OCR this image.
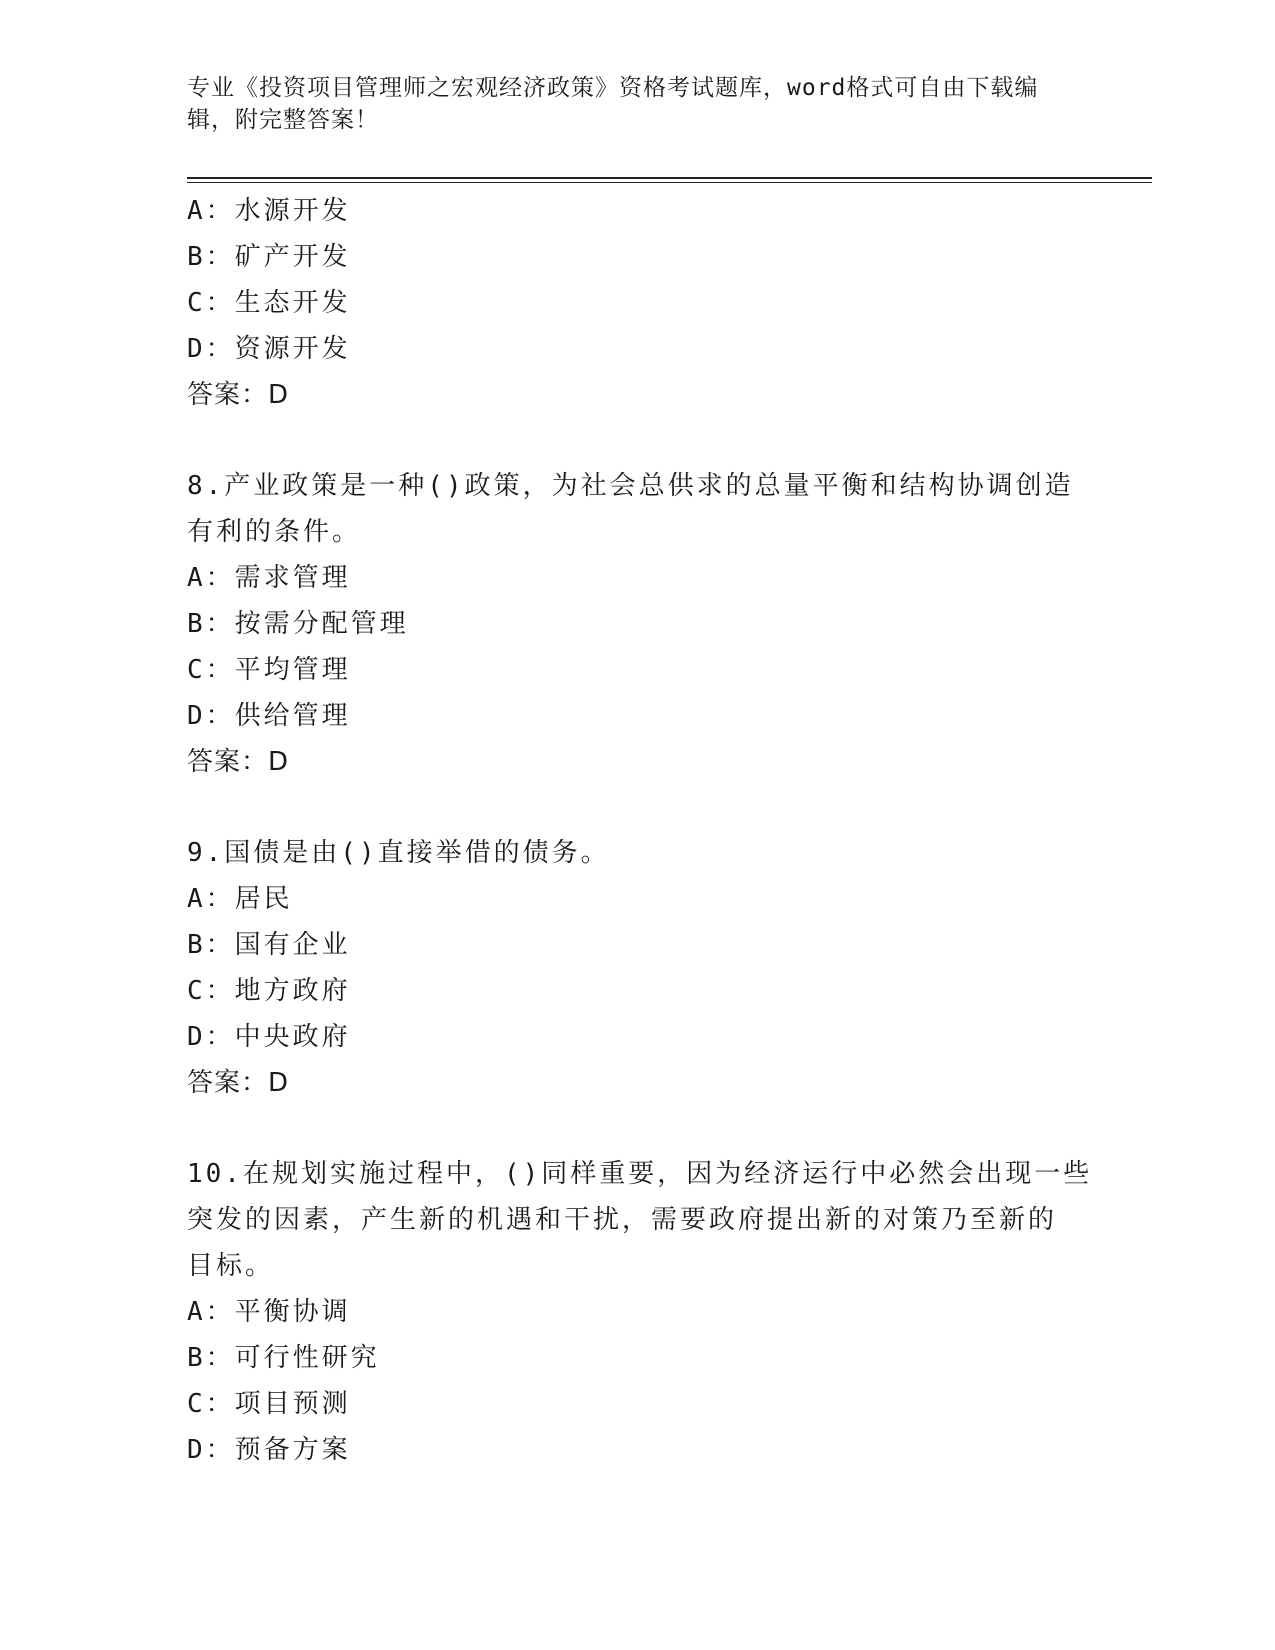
专业《投资项目管理师之宏观经济政策》资格考试题库，word格式可自由下载编
辑，附完整答案！
A：水源开发
B：矿产开发
C：生态开发
D：资源开发
答案：D
8.产业政策是一种()政策，为社会总供求的总量平衡和结构协调创造
有利的条件。
A：需求管理
B：按需分配管理
C：平均管理
D：供给管理
答案：D
9.国债是由()直接举借的债务。
A：居民
B：国有企业
C：地方政府
D：中央政府
答案：D
10.在规划实施过程中，()同样重要，因为经济运行中必然会出现一些
突发的因素，产生新的机遇和干扰，需要政府提出新的对策乃至新的
目标。
A：平衡协调
B：可行性研究
C：项目预测
D：预备方案
